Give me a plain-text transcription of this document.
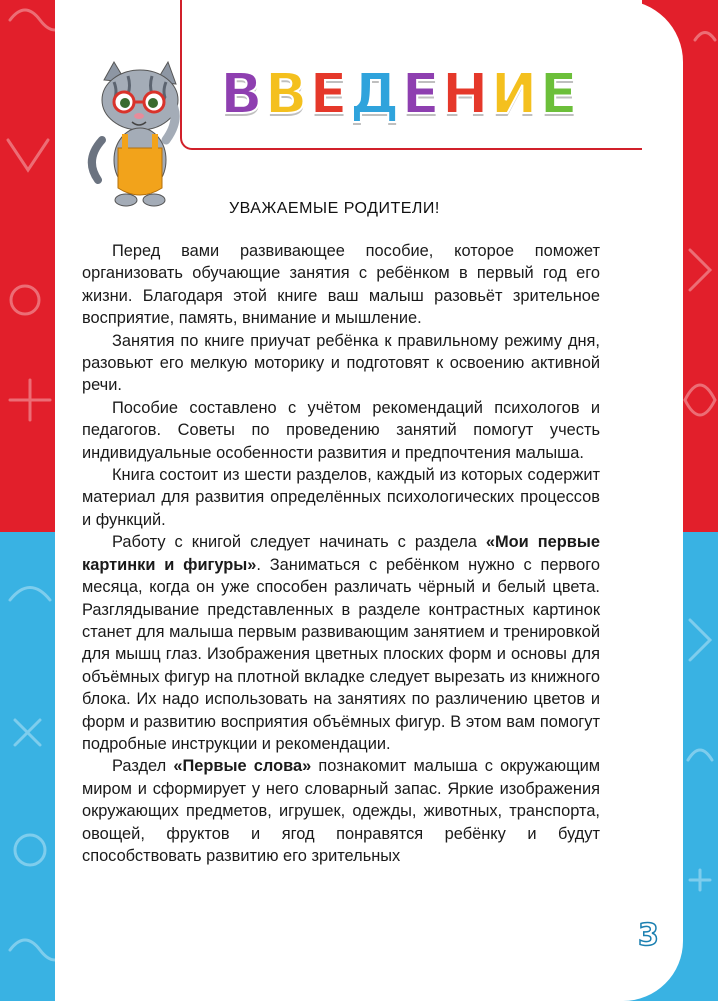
В В Е Д Е Н И Е
УВАЖАЕМЫЕ РОДИТЕЛИ!

Перед вами развивающее пособие, которое поможет организовать обучающие занятия с ребёнком в первый год его жизни. Благодаря этой книге ваш малыш разовьёт зрительное восприятие, память, внимание и мышление.

Занятия по книге приучат ребёнка к правильному режиму дня, разовьют его мелкую моторику и подготовят к освоению активной речи.

Пособие составлено с учётом рекомендаций психологов и педагогов. Советы по проведению занятий помогут учесть индивидуальные особенности развития и предпочтения малыша.

Книга состоит из шести разделов, каждый из которых содержит материал для развития определённых психологических процессов и функций.

Работу с книгой следует начинать с раздела «Мои первые картинки и фигуры». Заниматься с ребёнком нужно с первого месяца, когда он уже способен различать чёрный и белый цвета. Разглядывание представленных в разделе контрастных картинок станет для малыша первым развивающим занятием и тренировкой для мышц глаз. Изображения цветных плоских форм и основы для объёмных фигур на плотной вкладке следует вырезать из книжного блока. Их надо использовать на занятиях по различению цветов и форм и развитию восприятия объёмных фигур. В этом вам помогут подробные инструкции и рекомендации.

Раздел «Первые слова» познакомит малыша с окружающим миром и сформирует у него словарный запас. Яркие изображения окружающих предметов, игрушек, одежды, животных, транспорта, овощей, фруктов и ягод понравятся ребёнку и будут способствовать развитию его зрительных

3
